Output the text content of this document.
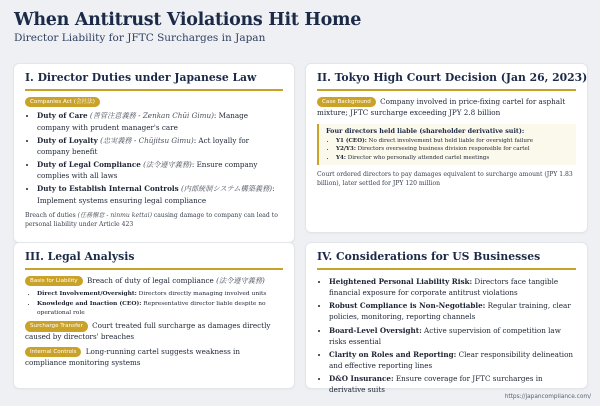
When Antitrust Violations Hit Home
Director Liability for JFTC Surcharges in Japan
I. Director Duties under Japanese Law
Companies Act (会社法)
• Duty of Care (善管注意義務 - Zenkan Chūi Gimu): Manage company with prudent manager's care
• Duty of Loyalty (忠実義務 - Chūjitsu Gimu): Act loyally for company benefit
• Duty of Legal Compliance (法令遵守義務): Ensure company complies with all laws
• Duty to Establish Internal Controls (内部統制システム構築義務): Implement systems ensuring legal compliance
Breach of duties (任務懈怠 - ninmu kettai) causing damage to company can lead to personal liability under Article 423
II. Tokyo High Court Decision (Jan 26, 2023)
Case Background Company involved in price-fixing cartel for asphalt mixture; JFTC surcharge exceeding JPY 2.8 billion
Four directors held liable (shareholder derivative suit):
• Y1 (CEO): No direct involvement but held liable for oversight failure
• Y2/Y3: Directors overseeing business division responsible for cartel
• Y4: Director who personally attended cartel meetings
Court ordered directors to pay damages equivalent to surcharge amount (JPY 1.83 billion), later settled for JPY 120 million
III. Legal Analysis
Basis for Liability Breach of duty of legal compliance (法令遵守義務)
• Direct Involvement/Oversight: Directors directly managing involved units
• Knowledge and Inaction (CEO): Representative director liable despite no operational role
Surcharge Transfer Court treated full surcharge as damages directly caused by directors' breaches
Internal Controls Long-running cartel suggests weakness in compliance monitoring systems
IV. Considerations for US Businesses
• Heightened Personal Liability Risk: Directors face tangible financial exposure for corporate antitrust violations
• Robust Compliance is Non-Negotiable: Regular training, clear policies, monitoring, reporting channels
• Board-Level Oversight: Active supervision of competition law risks essential
• Clarity on Roles and Reporting: Clear responsibility delineation and effective reporting lines
• D&O Insurance: Ensure coverage for JFTC surcharges in derivative suits
https://japancompliance.com/
